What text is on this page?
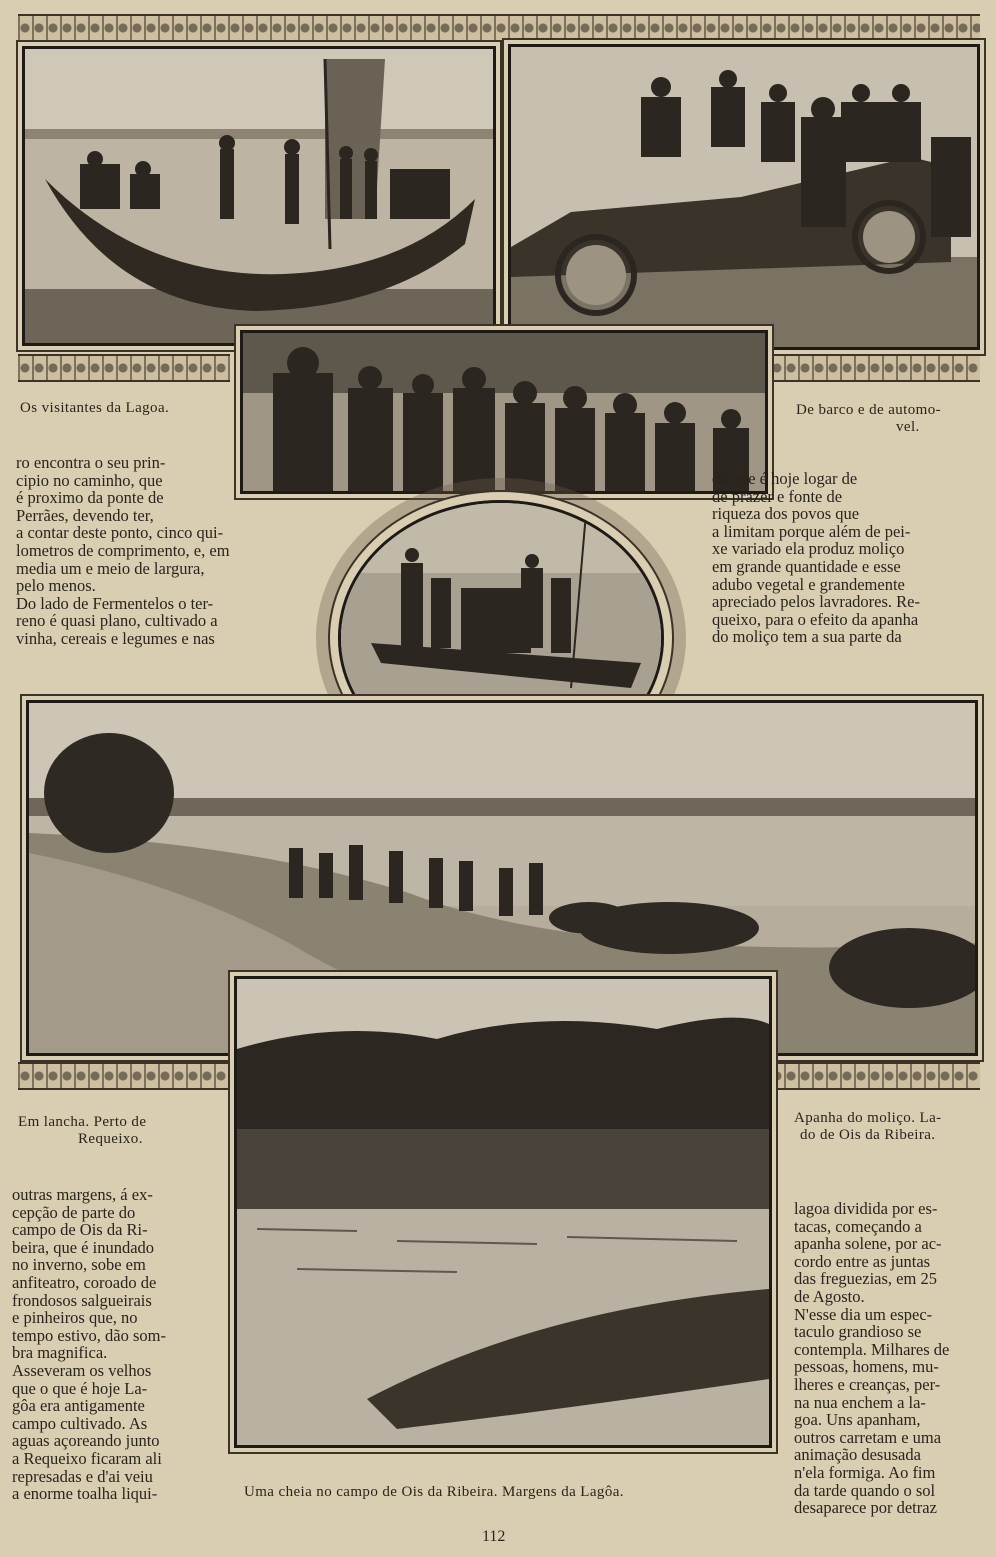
Os visitantes da Lagoa.	De barco e de automo-
vel.
ro encontra o seu prin-
cipio no caminho, que
é proximo da ponte de
Perrães, devendo ter,
a contar deste ponto, cinco qui-
lometros de comprimento, e, em
media um e meio de largura,
pelo menos.
Do lado de Fermentelos o ter-
reno é quasi plano, cultivado a
vinha, cereais e legumes e nas
da que é hoje logar de
de prazer e fonte de
riqueza dos povos que
a limitam porque além de pei-
xe variado ela produz moliço
em grande quantidade e esse
adubo vegetal e grandemente
apreciado pelos lavradores. Re-
queixo, para o efeito da apanha
do moliço tem a sua parte da
Em lancha. Perto de
Requeixo.
Apanha do moliço. La-
do de Ois da Ribeira.
outras margens, á ex-
cepção de parte do
campo de Ois da Ri-
beira, que é inundado
no inverno, sobe em
anfiteatro, coroado de
frondosos salgueirais
e pinheiros que, no
tempo estivo, dão som-
bra magnifica.
Asseveram os velhos
que o que é hoje La-
gôa era antigamente
campo cultivado. As
aguas açoreando junto
a Requeixo ficaram ali
represadas e d'ai veiu
a enorme toalha liqui-
lagoa dividida por es-
tacas, começando a
apanha solene, por ac-
cordo entre as juntas
das freguezias, em 25
de Agosto.
N'esse dia um espec-
taculo grandioso se
contempla. Milhares de
pessoas, homens, mu-
lheres e creanças, per-
na nua enchem a la-
goa. Uns apanham,
outros carretam e uma
animação desusada
n'ela formiga. Ao fim
da tarde quando o sol
desaparece por detraz
Uma cheia no campo de Ois da Ribeira. Margens da Lagôa.
112
